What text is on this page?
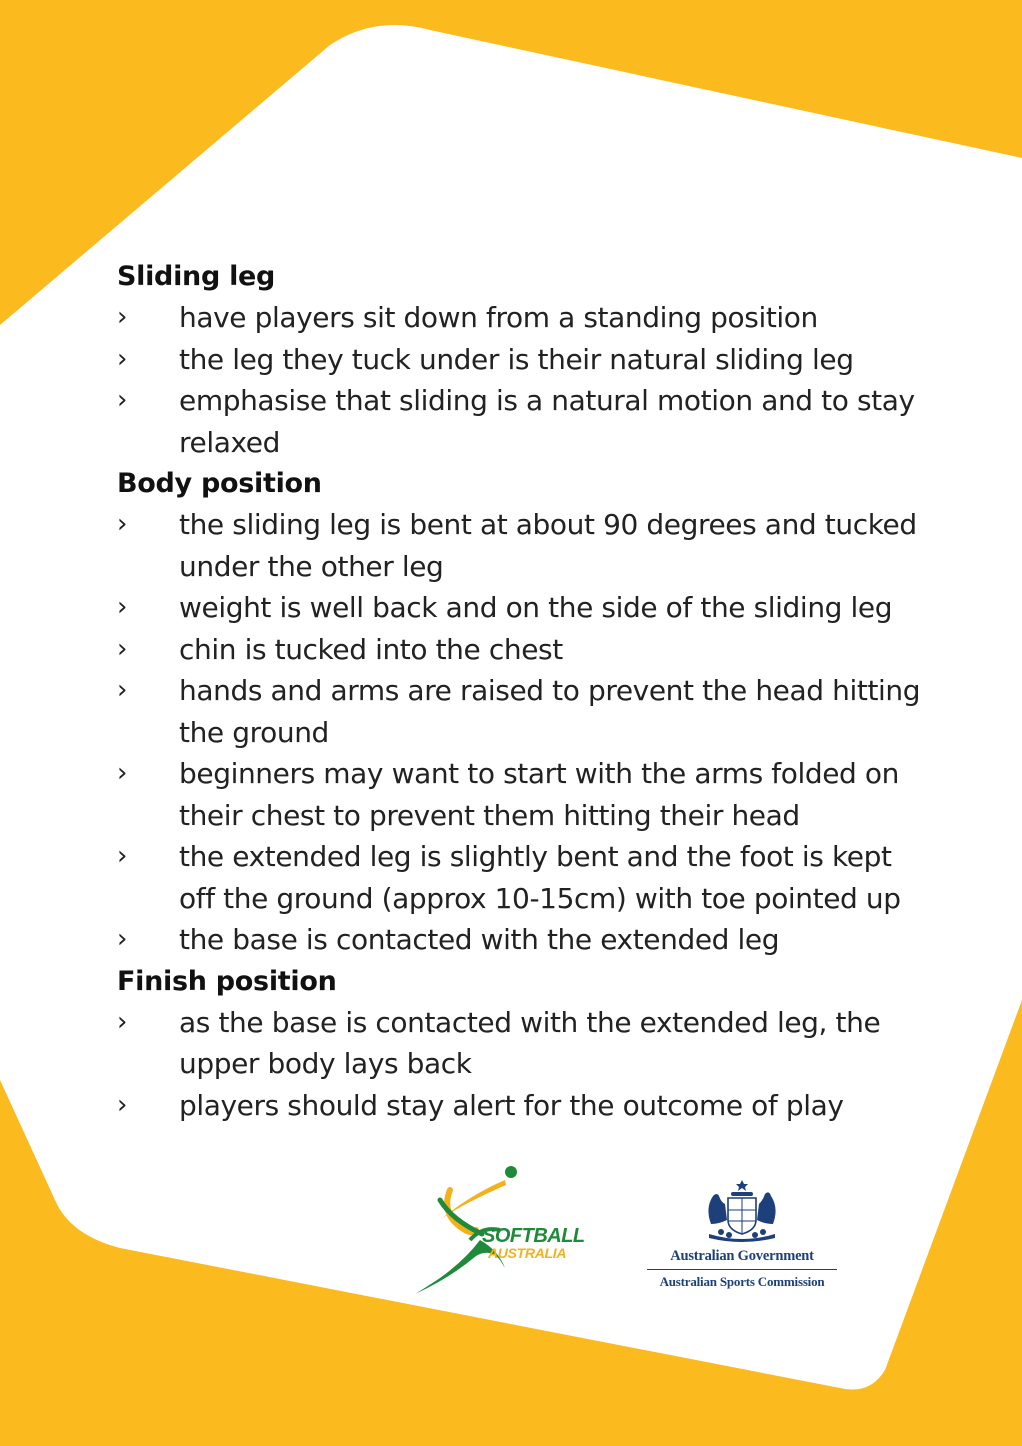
Sliding leg
› have players sit down from a standing position
› the leg they tuck under is their natural sliding leg
› emphasise that sliding is a natural motion and to stay
relaxed
Body position
› the sliding leg is bent at about 90 degrees and tucked
under the other leg
› weight is well back and on the side of the sliding leg
› chin is tucked into the chest
› hands and arms are raised to prevent the head hitting
the ground
› beginners may want to start with the arms folded on
their chest to prevent them hitting their head
› the extended leg is slightly bent and the foot is kept
off the ground (approx 10-15cm) with toe pointed up
› the base is contacted with the extended leg
Finish position
› as the base is contacted with the extended leg, the
upper body lays back
› players should stay alert for the outcome of play
SOFTBALL
AUSTRALIA	Australian Government
Australian Sports Commission
